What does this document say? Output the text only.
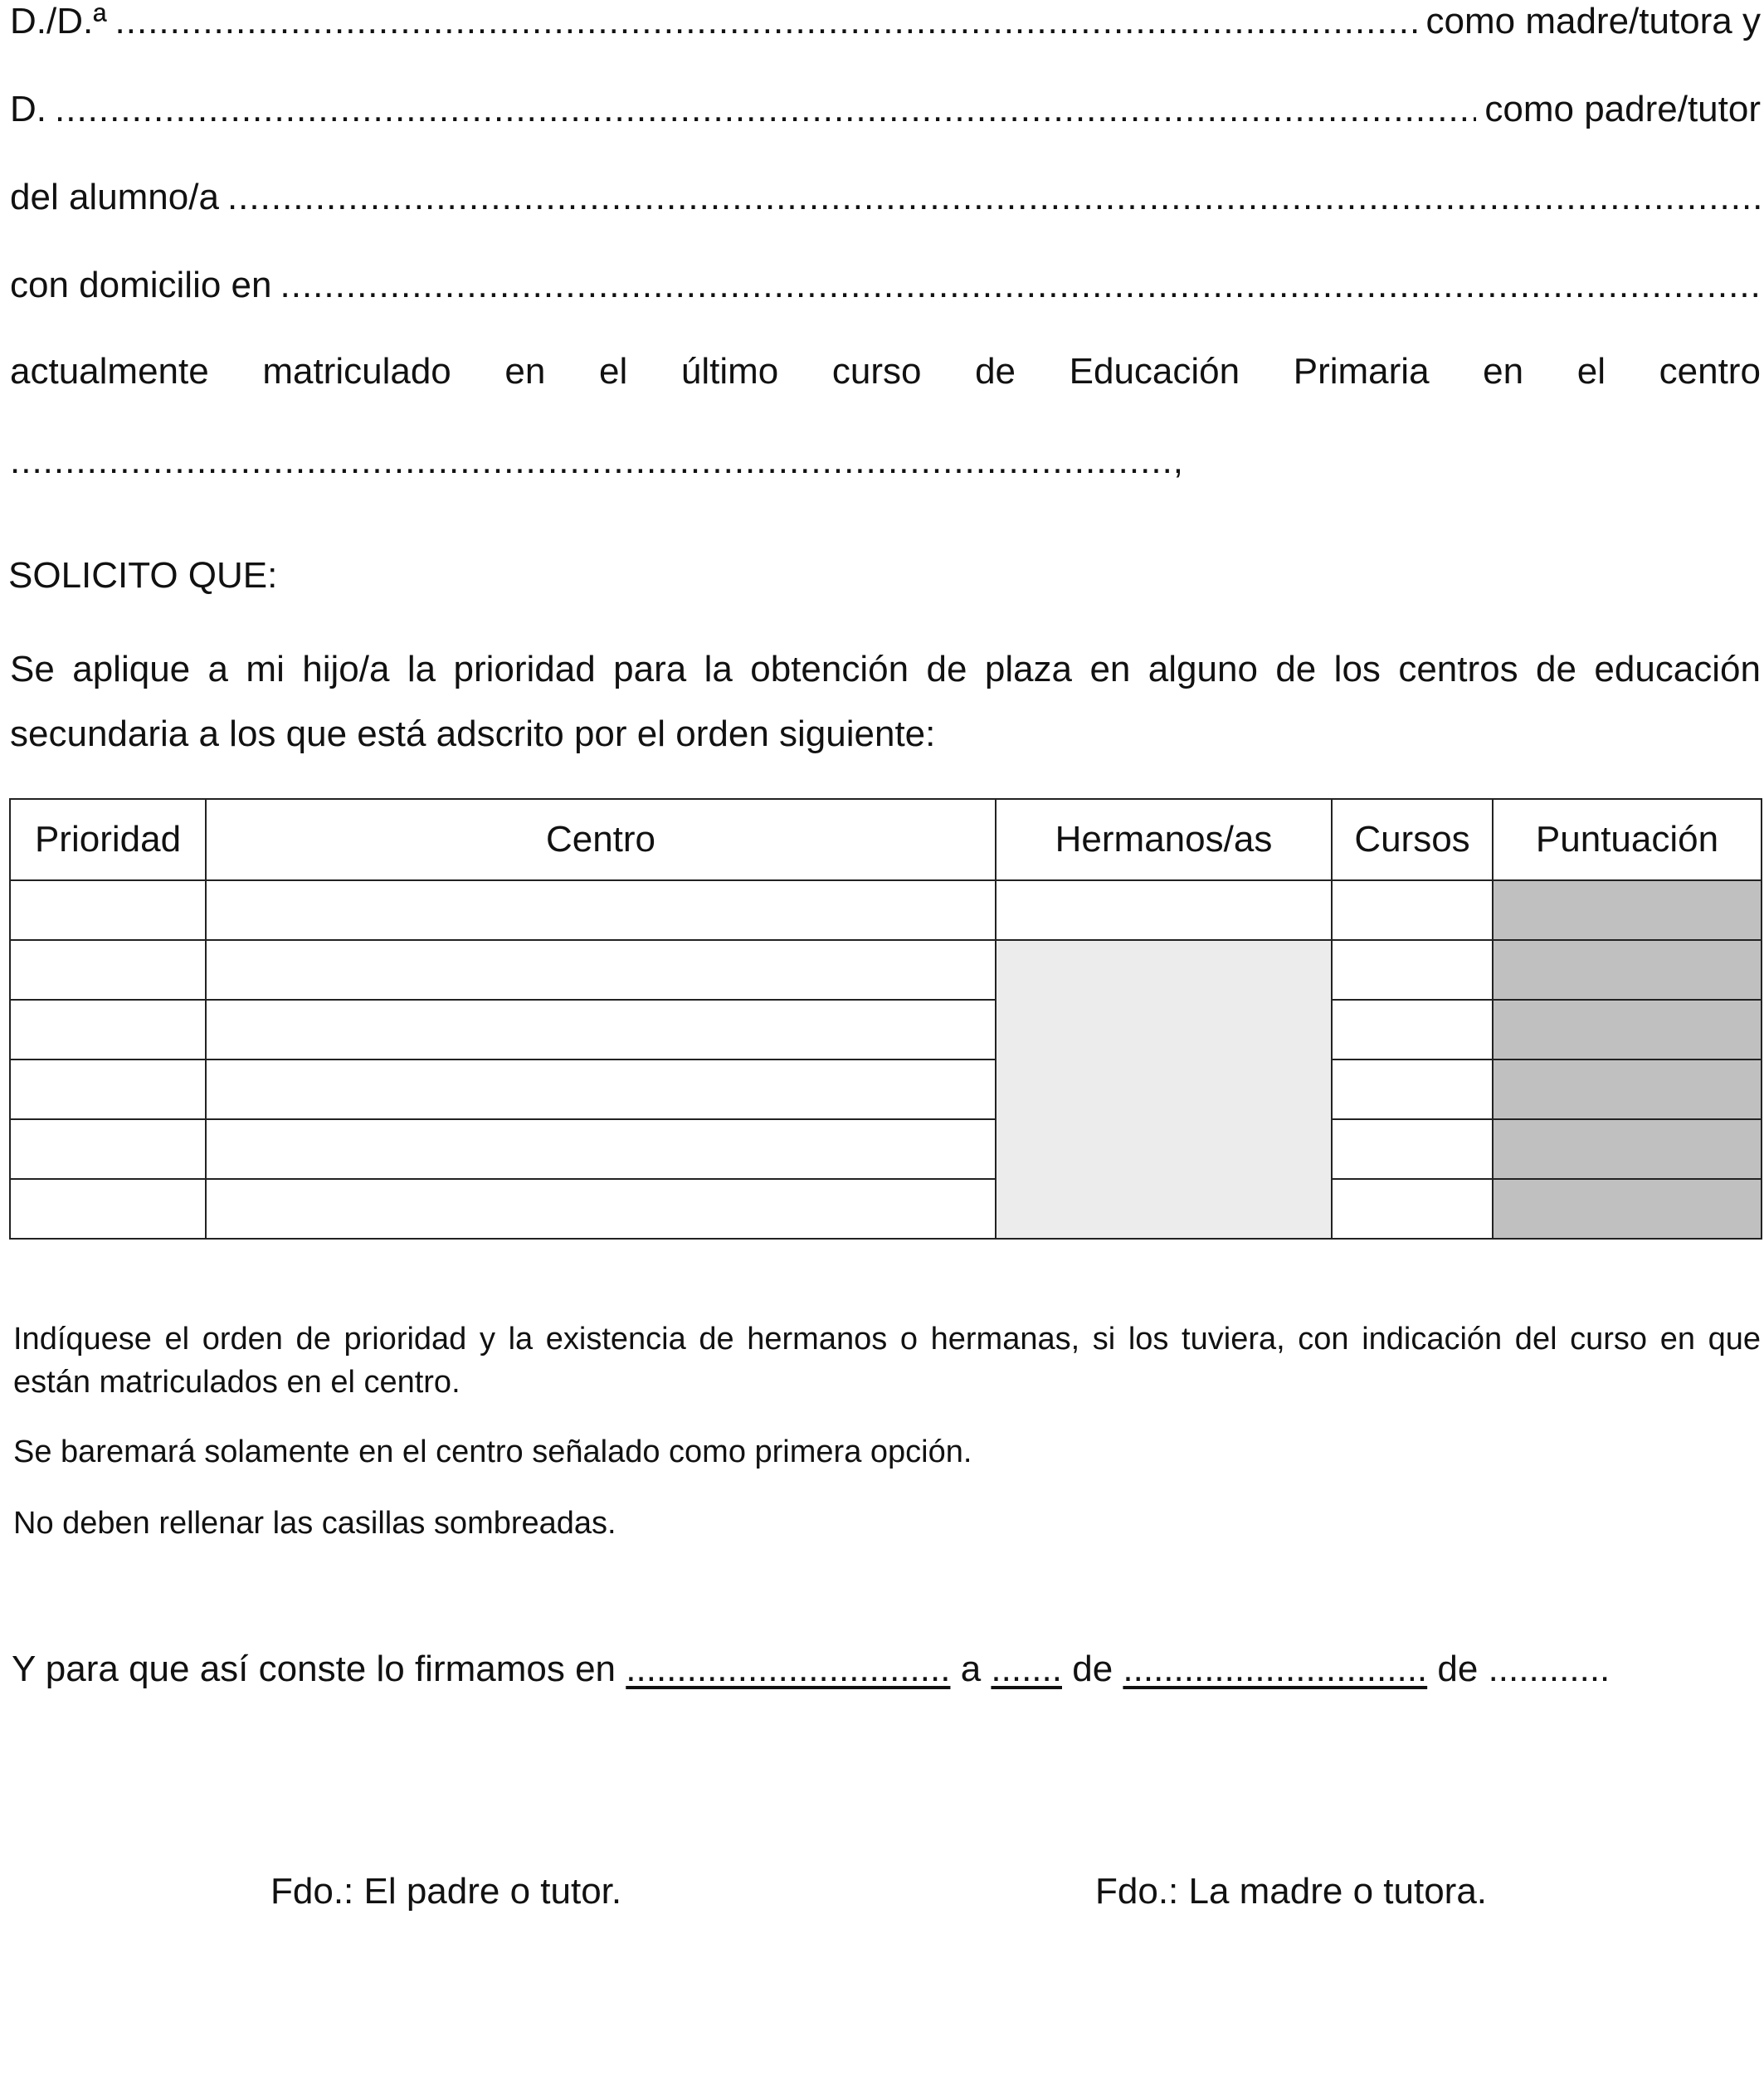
D./D.ª .....	como madre/tutora y
D. .....	como padre/tutor
del alumno/a
.....
con domicilio en
.....
actualmente matriculado en el último curso de Educación Primaria en el centro
..........................................................................................................,
SOLICITO QUE:
Se aplique a mi hijo/a la prioridad para la obtención de plaza en alguno de los centros de educación secundaria a los que está adscrito por el orden siguiente:
Prioridad	Centro	Hermanos/as	Cursos	Puntuación

Indíquese el orden de prioridad y la existencia de hermanos o hermanas, si los tuviera, con indicación del curso en que están matriculados en el centro.
Se baremará solamente en el centro señalado como primera opción.
No deben rellenar las casillas sombreadas.
Y para que así conste lo firmamos en ................................ a ....... de .............................. de ............
Fdo.: El padre o tutor.	Fdo.: La madre o tutora.
